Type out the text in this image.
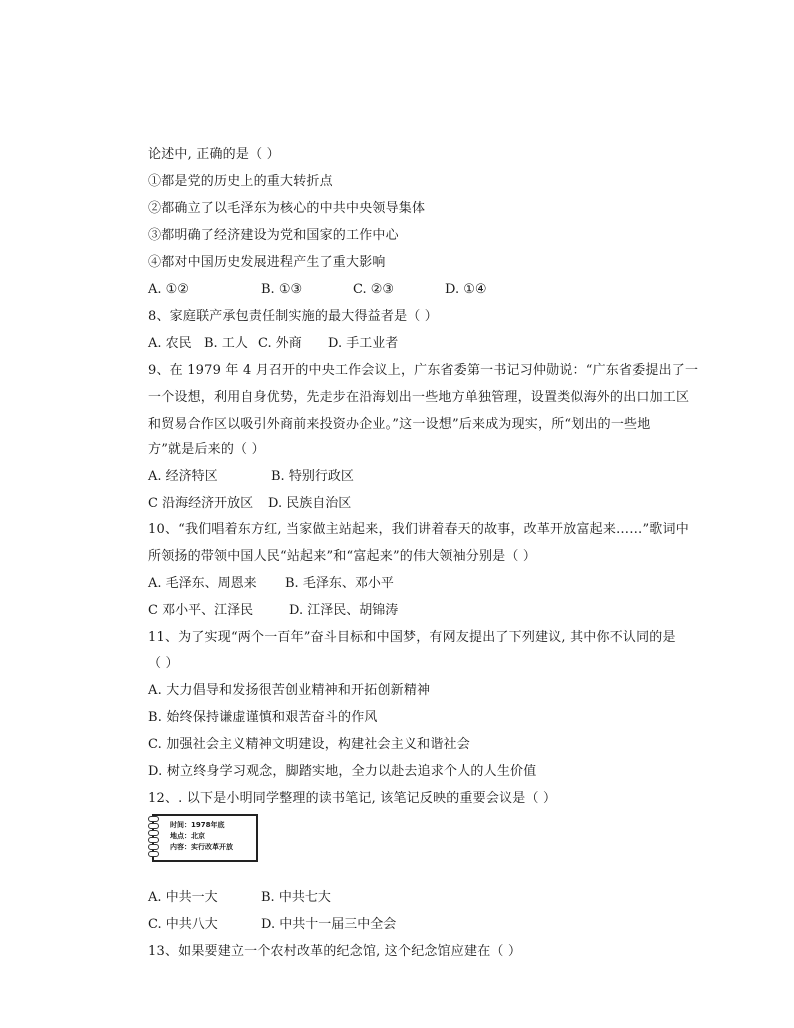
论述中, 正确的是（ ）
①都是党的历史上的重大转折点
②都确立了以毛泽东为核心的中共中央领导集体
③都明确了经济建设为党和国家的工作中心
④都对中国历史发展进程产生了重大影响
A. ①②	B. ①③	C. ②③	D. ①④
8、家庭联产承包责任制实施的最大得益者是（ ）
A. 农民 B. 工人 C. 外商 D. 手工业者
9、在 1979 年 4 月召开的中央工作会议上，广东省委第一书记习仲勋说：“广东省委提出了一
一个设想，利用自身优势，先走步在沿海划出一些地方单独管理，设置类似海外的出口加工区
和贸易合作区以吸引外商前来投资办企业。”这一设想”后来成为现实，所“划出的一些地
方”就是后来的（ ）
A. 经济特区	B. 特别行政区
C 沿海经济开放区 D. 民族自治区
10、“我们唱着东方红, 当家做主站起来，我们讲着春天的故事，改革开放富起来……”歌词中
所领扬的带领中国人民“站起来”和“富起来”的伟大领袖分别是（ ）
A. 毛泽东、周恩来 B. 毛泽东、邓小平
C 邓小平、江泽民	D. 江泽民、胡锦涛
11、为了实现“两个一百年”奋斗目标和中国梦，有网友提出了下列建议, 其中你不认同的是
（ ）
A. 大力倡导和发扬很苦创业精神和开拓创新精神
B. 始终保持谦虚谨慎和艰苦奋斗的作风
C. 加强社会主义精神文明建设，构建社会主义和谐社会
D. 树立终身学习观念，脚踏实地，全力以赴去追求个人的人生价值
12、. 以下是小明同学整理的读书笔记, 该笔记反映的重要会议是（ ）
时间：1978年底
地点：北京
内容：实行改革开放
A. 中共一大	B. 中共七大
C. 中共八大	D. 中共十一届三中全会
13、如果要建立一个农村改革的纪念馆, 这个纪念馆应建在（ ）
